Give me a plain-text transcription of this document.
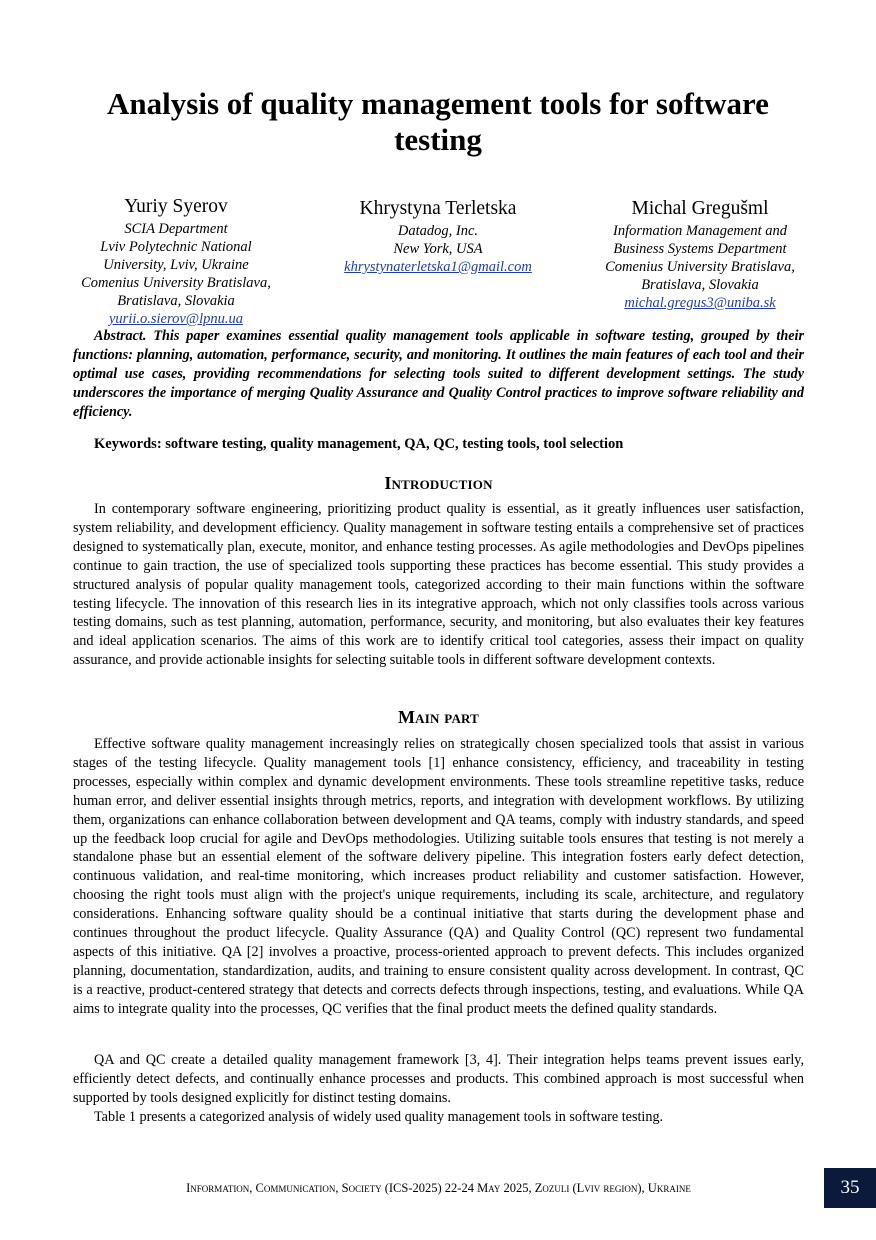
Analysis of quality management tools for software testing
Yuriy Syerov
SCIA Department
Lviv Polytechnic National
University, Lviv, Ukraine
Comenius University Bratislava,
Bratislava, Slovakia
yurii.o.sierov@lpnu.ua
Khrystyna Terletska
Datadog, Inc.
New York, USA
khrystynaterletska1@gmail.com
Michal Gregušml
Information Management and
Business Systems Department
Comenius University Bratislava,
Bratislava, Slovakia
michal.gregus3@uniba.sk

Abstract. This paper examines essential quality management tools applicable in software testing, grouped by their functions: planning, automation, performance, security, and monitoring. It outlines the main features of each tool and their optimal use cases, providing recommendations for selecting tools suited to different development settings. The study underscores the importance of merging Quality Assurance and Quality Control practices to improve software reliability and efficiency.

Keywords: software testing, quality management, QA, QC, testing tools, tool selection
Introduction

In contemporary software engineering, prioritizing product quality is essential, as it greatly influences user satisfaction, system reliability, and development efficiency. Quality management in software testing entails a comprehensive set of practices designed to systematically plan, execute, monitor, and enhance testing processes. As agile methodologies and DevOps pipelines continue to gain traction, the use of specialized tools supporting these practices has become essential. This study provides a structured analysis of popular quality management tools, categorized according to their main functions within the software testing lifecycle. The innovation of this research lies in its integrative approach, which not only classifies tools across various testing domains, such as test planning, automation, performance, security, and monitoring, but also evaluates their key features and ideal application scenarios. The aims of this work are to identify critical tool categories, assess their impact on quality assurance, and provide actionable insights for selecting suitable tools in different software development contexts.

Main part

Effective software quality management increasingly relies on strategically chosen specialized tools that assist in various stages of the testing lifecycle. Quality management tools [1] enhance consistency, efficiency, and traceability in testing processes, especially within complex and dynamic development environments. These tools streamline repetitive tasks, reduce human error, and deliver essential insights through metrics, reports, and integration with development workflows. By utilizing them, organizations can enhance collaboration between development and QA teams, comply with industry standards, and speed up the feedback loop crucial for agile and DevOps methodologies. Utilizing suitable tools ensures that testing is not merely a standalone phase but an essential element of the software delivery pipeline. This integration fosters early defect detection, continuous validation, and real-time monitoring, which increases product reliability and customer satisfaction. However, choosing the right tools must align with the project's unique requirements, including its scale, architecture, and regulatory considerations. Enhancing software quality should be a continual initiative that starts during the development phase and continues throughout the product lifecycle. Quality Assurance (QA) and Quality Control (QC) represent two fundamental aspects of this initiative. QA [2] involves a proactive, process-oriented approach to prevent defects. This includes organized planning, documentation, standardization, audits, and training to ensure consistent quality across development. In contrast, QC is a reactive, product-centered strategy that detects and corrects defects through inspections, testing, and evaluations. While QA aims to integrate quality into the processes, QC verifies that the final product meets the defined quality standards.

QA and QC create a detailed quality management framework [3, 4]. Their integration helps teams prevent issues early, efficiently detect defects, and continually enhance processes and products. This combined approach is most successful when supported by tools designed explicitly for distinct testing domains.

Table 1 presents a categorized analysis of widely used quality management tools in software testing.

Information, Communication, Society (ICS-2025) 22-24 May 2025, Zozuli (Lviv region), Ukraine	35
